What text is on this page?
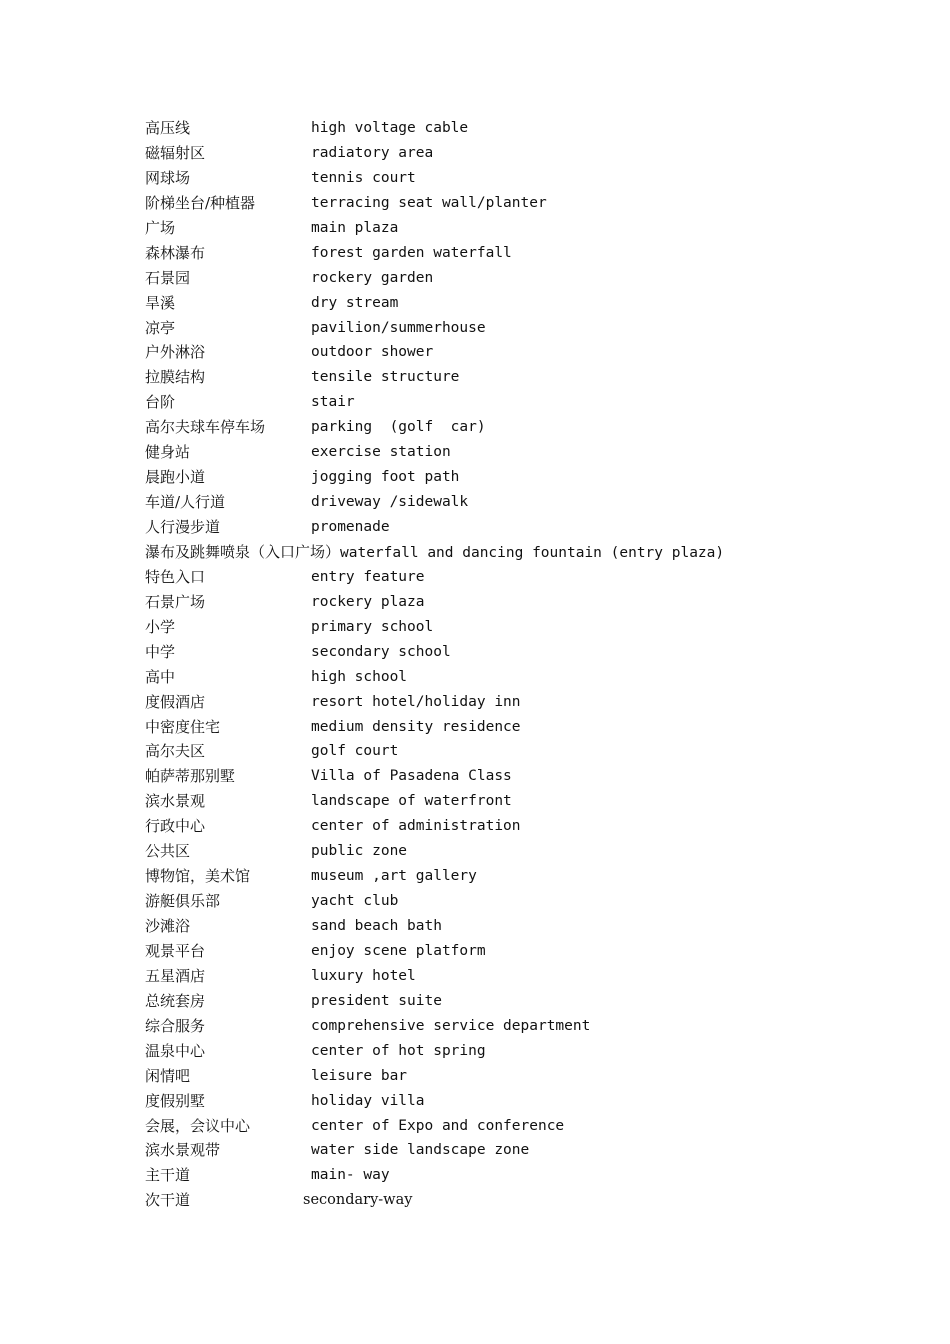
高压线	high voltage cable
磁辐射区	radiatory area
网球场	tennis court
阶梯坐台/种植器	terracing seat wall/planter
广场	main plaza
森林瀑布	forest garden waterfall
石景园	rockery garden
旱溪	dry stream
凉亭	pavilion/summerhouse
户外淋浴	outdoor shower
拉膜结构	tensile structure
台阶	stair
高尔夫球车停车场	parking  (golf  car)
健身站	exercise station
晨跑小道	jogging foot path
车道/人行道	driveway /sidewalk
人行漫步道	promenade
瀑布及跳舞喷泉（入口广场）waterfall and dancing fountain (entry plaza)
特色入口	entry feature
石景广场	rockery plaza
小学	primary school
中学	secondary school
高中	high school
度假酒店	resort hotel/holiday inn
中密度住宅	medium density residence
高尔夫区	golf court
帕萨蒂那别墅	Villa of Pasadena Class
滨水景观	landscape of waterfront
行政中心	center of administration
公共区	public zone
博物馆，美术馆	museum ,art gallery
游艇俱乐部	yacht club
沙滩浴	sand beach bath
观景平台	enjoy scene platform
五星酒店	luxury hotel
总统套房	president suite
综合服务	comprehensive service department
温泉中心	center of hot spring
闲情吧	leisure bar
度假别墅	holiday villa
会展，会议中心	center of Expo and conference
滨水景观带	water side landscape zone
主干道	main- way
次干道	secondary-way
